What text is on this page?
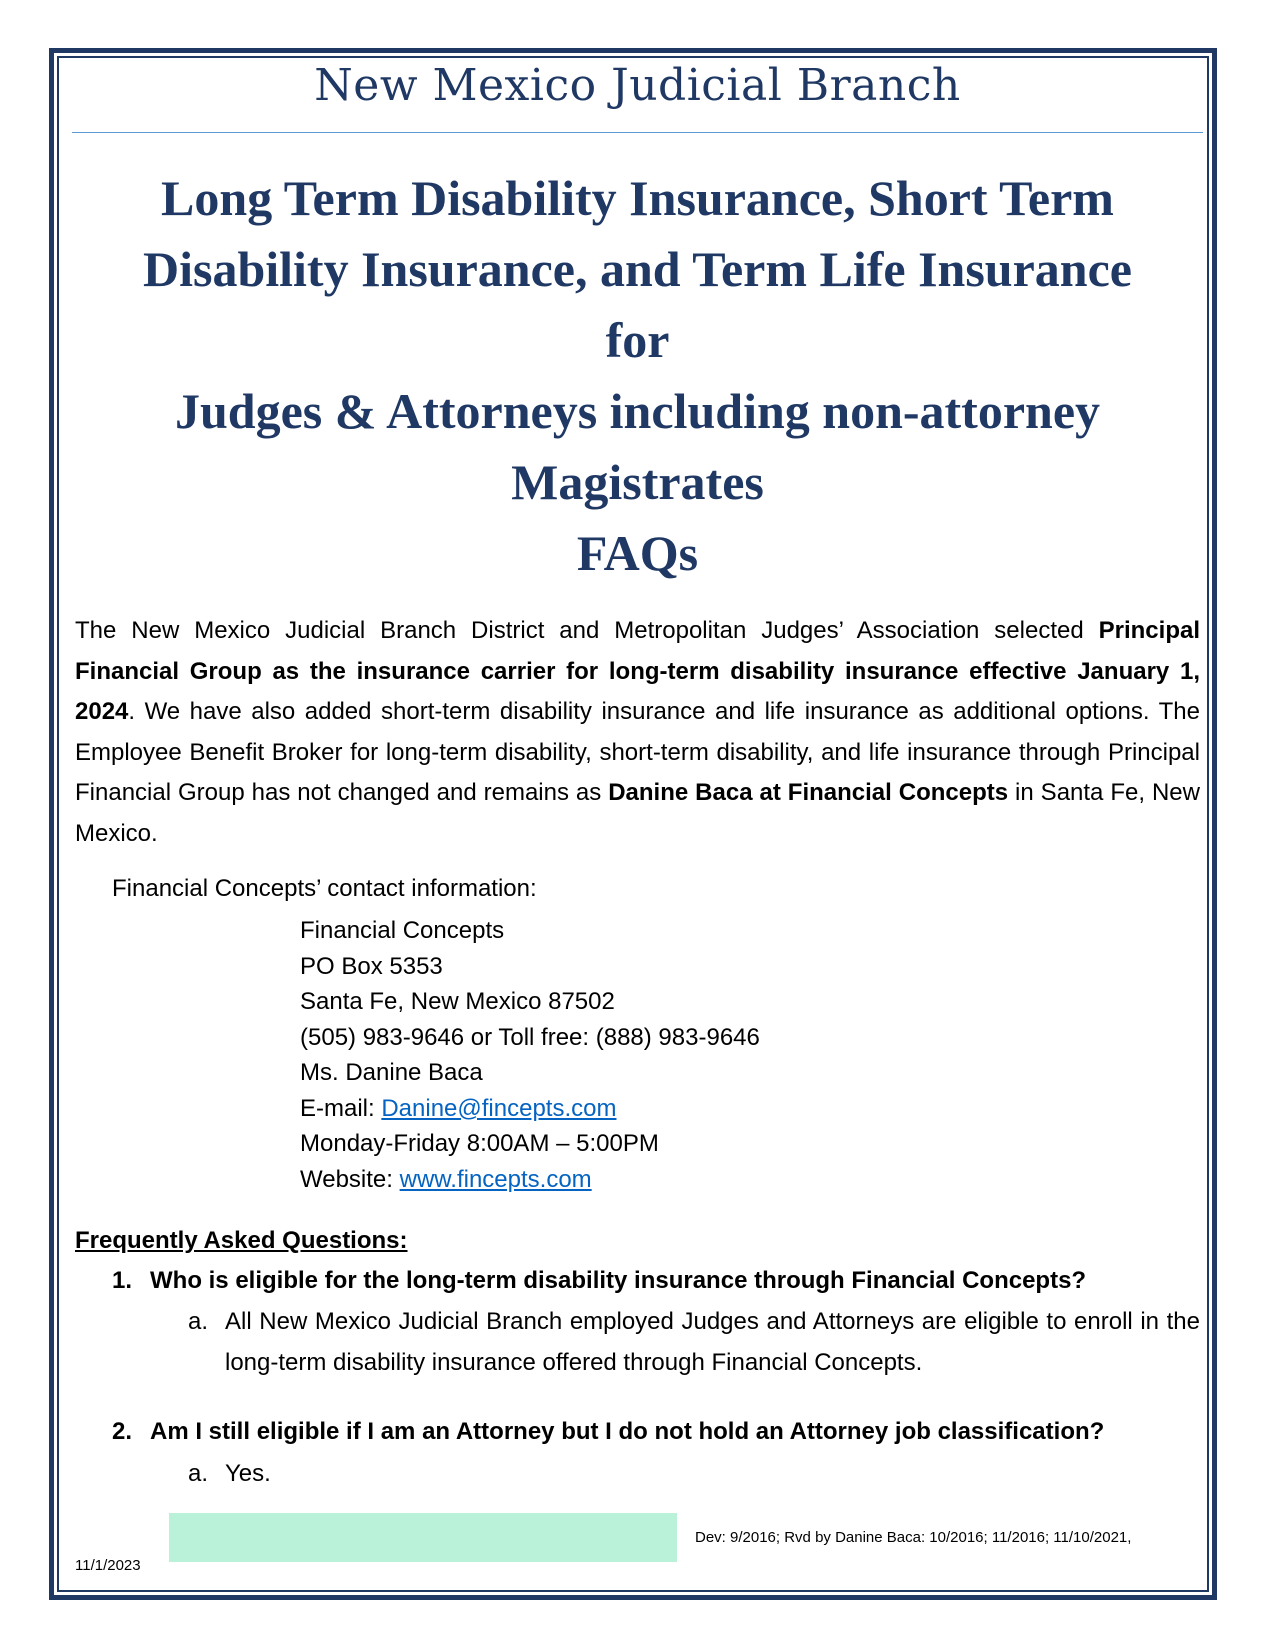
New Mexico Judicial Branch
Long Term Disability Insurance, Short Term
Disability Insurance, and Term Life Insurance
for
Judges & Attorneys including non-attorney
Magistrates
FAQs
The New Mexico Judicial Branch District and Metropolitan Judges’ Association selected Principal Financial Group as the insurance carrier for long-term disability insurance effective January 1, 2024. We have also added short-term disability insurance and life insurance as additional options. The Employee Benefit Broker for long-term disability, short-term disability, and life insurance through Principal Financial Group has not changed and remains as Danine Baca at Financial Concepts in Santa Fe, New Mexico.
Financial Concepts’ contact information:
Financial Concepts
PO Box 5353
Santa Fe, New Mexico 87502
(505) 983-9646 or Toll free: (888) 983-9646
Ms. Danine Baca
E-mail: Danine@fincepts.com
Monday-Friday 8:00AM – 5:00PM
Website: www.fincepts.com
Frequently Asked Questions:
1. Who is eligible for the long-term disability insurance through Financial Concepts?
a. All New Mexico Judicial Branch employed Judges and Attorneys are eligible to enroll in the long-term disability insurance offered through Financial Concepts.
2. Am I still eligible if I am an Attorney but I do not hold an Attorney job classification?
a. Yes.
Dev: 9/2016; Rvd by Danine Baca: 10/2016; 11/2016; 11/10/2021,
11/1/2023
